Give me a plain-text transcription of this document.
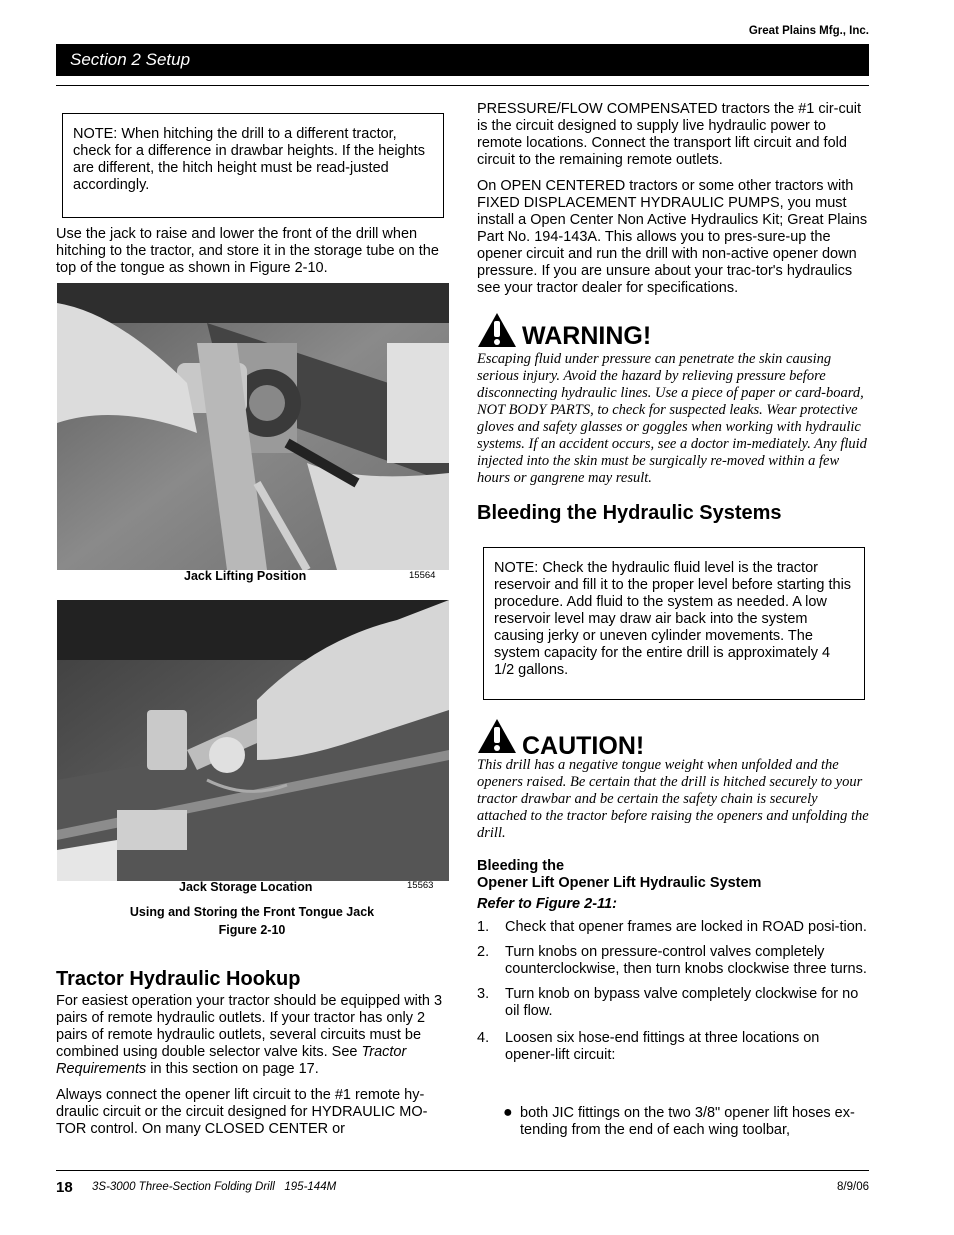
Great Plains Mfg., Inc.
Section 2 Setup
NOTE: When hitching the drill to a different tractor, check for a difference in drawbar heights. If the heights are different, the hitch height must be read-justed accordingly.

Use the jack to raise and lower the front of the drill when hitching to the tractor, and store it in the storage tube on the top of the tongue as shown in Figure 2-10.

Jack Lifting Position	15564
Jack Storage Location	15563
Using and Storing the Front Tongue Jack
Figure 2-10
Tractor Hydraulic Hookup

For easiest operation your tractor should be equipped with 3 pairs of remote hydraulic outlets. If your tractor has only 2 pairs of remote hydraulic outlets, several circuits must be combined using double selector valve kits. See Tractor Requirements in this section on page 17.

Always connect the opener lift circuit to the #1 remote hy-draulic circuit or the circuit designed for HYDRAULIC MO-TOR control. On many CLOSED CENTER or

PRESSURE/FLOW COMPENSATED tractors the #1 cir-cuit is the circuit designed to supply live hydraulic power to remote locations. Connect the transport lift circuit and fold circuit to the remaining remote outlets.

On OPEN CENTERED tractors or some other tractors with FIXED DISPLACEMENT HYDRAULIC PUMPS, you must install a Open Center Non Active Hydraulics Kit; Great Plains Part No. 194-143A. This allows you to pres-sure-up the opener circuit and run the drill with non-active opener down pressure. If you are unsure about your trac-tor's hydraulics see your tractor dealer for specifications.

WARNING!
Escaping fluid under pressure can penetrate the skin causing serious injury. Avoid the hazard by relieving pressure before disconnecting hydraulic lines. Use a piece of paper or card-board, NOT BODY PARTS, to check for suspected leaks. Wear protective gloves and safety glasses or goggles when working with hydraulic systems. If an accident occurs, see a doctor im-mediately. Any fluid injected into the skin must be surgically re-moved within a few hours or gangrene may result.
Bleeding the Hydraulic Systems
NOTE: Check the hydraulic fluid level is the tractor reservoir and fill it to the proper level before starting this procedure. Add fluid to the system as needed. A low reservoir level may draw air back into the system causing jerky or uneven cylinder movements. The system capacity for the entire drill is approximately 4 1/2 gallons.
CAUTION!
This drill has a negative tongue weight when unfolded and the openers raised. Be certain that the drill is hitched securely to your tractor drawbar and be certain the safety chain is securely attached to the tractor before raising the openers and unfolding the drill.
Bleeding the
Opener Lift Opener Lift Hydraulic System
Refer to Figure 2-11:
1. Check that opener frames are locked in ROAD posi-tion.
2. Turn knobs on pressure-control valves completely counterclockwise, then turn knobs clockwise three turns.
3. Turn knob on bypass valve completely clockwise for no oil flow.
4. Loosen six hose-end fittings at three locations on opener-lift circuit:
● both JIC fittings on the two 3/8" opener lift hoses ex-tending from the end of each wing toolbar,
18 3S-3000 Three-Section Folding Drill   195-144M	8/9/06
